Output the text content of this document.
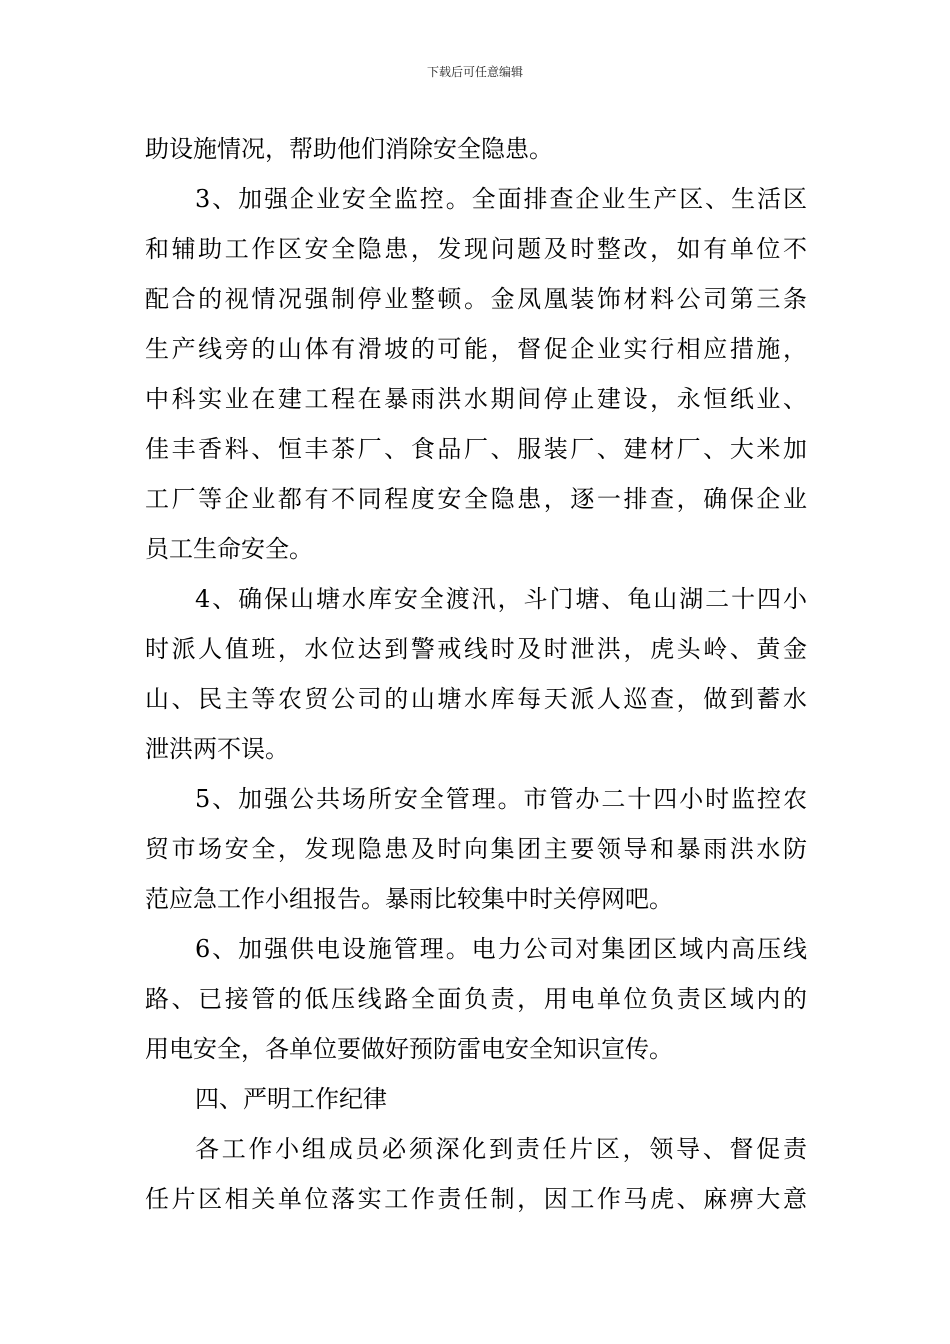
下载后可任意编辑
助设施情况，帮助他们消除安全隐患。
3、加强企业安全监控。全面排查企业生产区、生活区
和辅助工作区安全隐患，发现问题及时整改，如有单位不
配合的视情况强制停业整顿。金凤凰装饰材料公司第三条
生产线旁的山体有滑坡的可能，督促企业实行相应措施，
中科实业在建工程在暴雨洪水期间停止建设，永恒纸业、
佳丰香料、恒丰茶厂、食品厂、服装厂、建材厂、大米加
工厂等企业都有不同程度安全隐患，逐一排查，确保企业
员工生命安全。
4、确保山塘水库安全渡汛，斗门塘、龟山湖二十四小
时派人值班，水位达到警戒线时及时泄洪，虎头岭、黄金
山、民主等农贸公司的山塘水库每天派人巡查，做到蓄水
泄洪两不误。
5、加强公共场所安全管理。市管办二十四小时监控农
贸市场安全，发现隐患及时向集团主要领导和暴雨洪水防
范应急工作小组报告。暴雨比较集中时关停网吧。
6、加强供电设施管理。电力公司对集团区域内高压线
路、已接管的低压线路全面负责，用电单位负责区域内的
用电安全，各单位要做好预防雷电安全知识宣传。
四、严明工作纪律
各工作小组成员必须深化到责任片区，领导、督促责
任片区相关单位落实工作责任制，因工作马虎、麻痹大意
